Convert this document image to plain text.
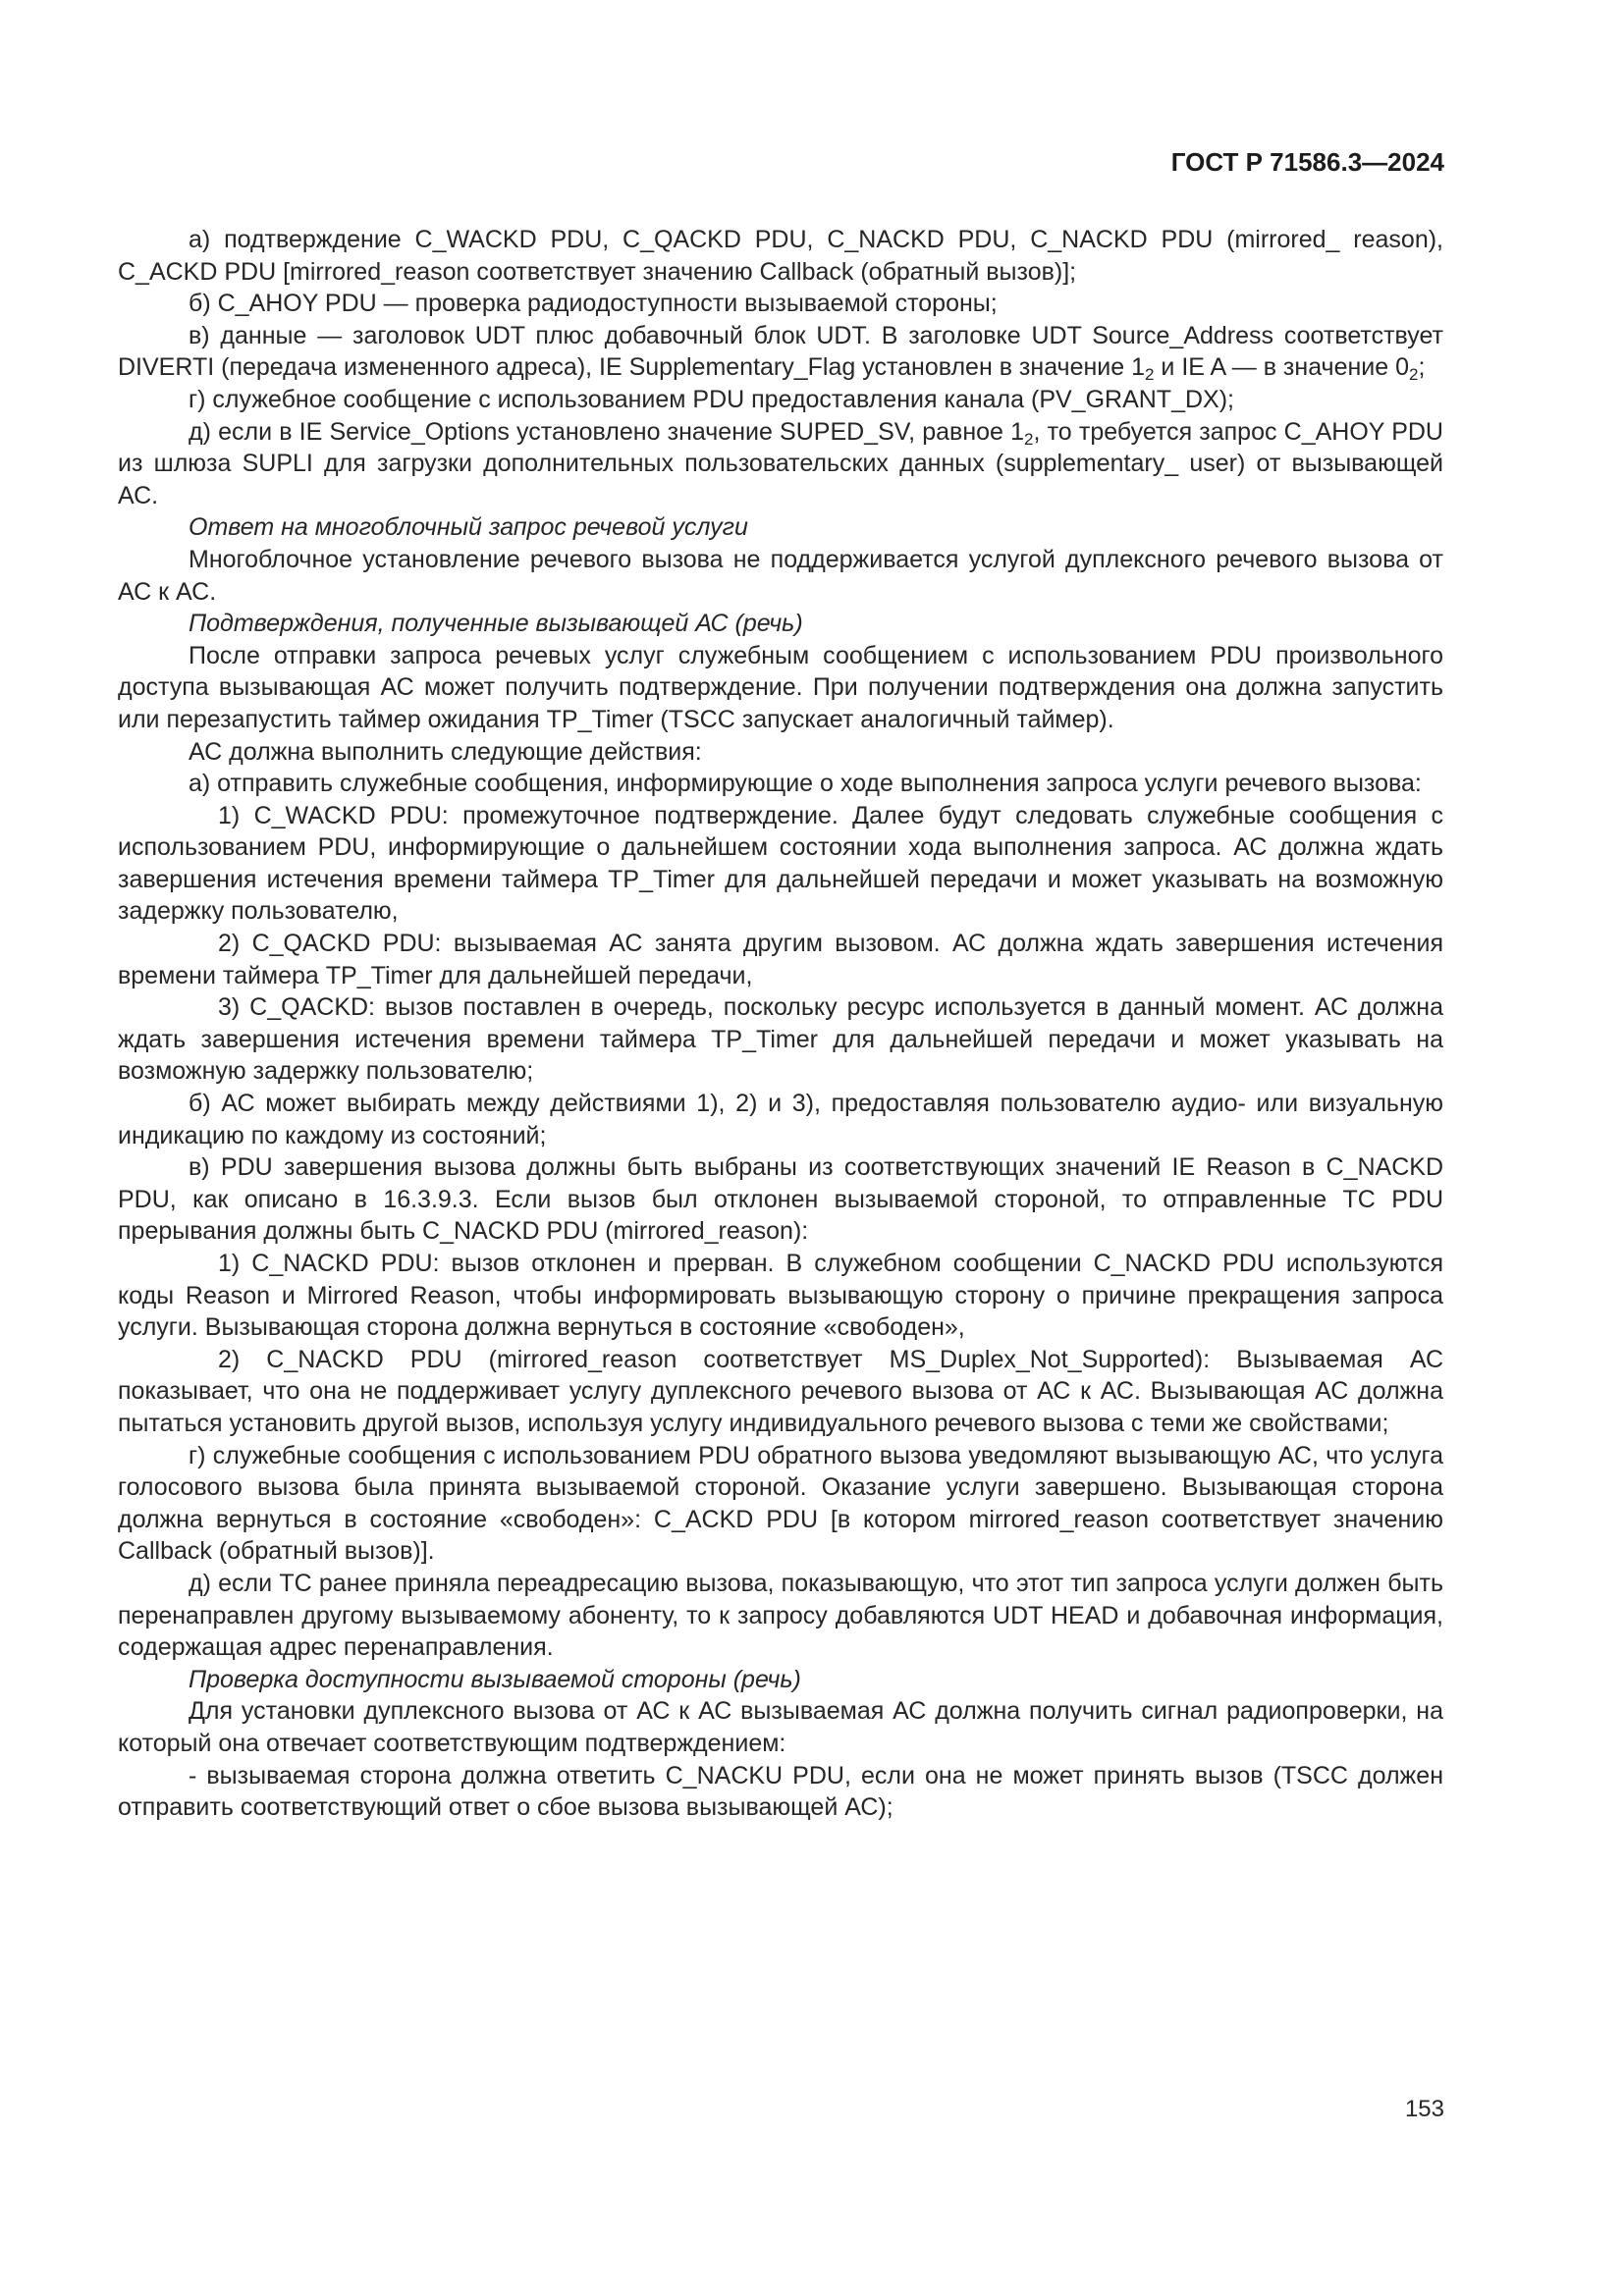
ГОСТ Р 71586.3—2024

а) подтверждение C_WACKD PDU, C_QACKD PDU, C_NACKD PDU, C_NACKD PDU (mirrored_ reason), C_ACKD PDU [mirrored_reason соответствует значению Callback (обратный вызов)];

б) C_AHOY PDU — проверка радиодоступности вызываемой стороны;

в) данные — заголовок UDT плюс добавочный блок UDT. В заголовке UDT Source_Address соответствует DIVERTI (передача измененного адреса), IE Supplementary_Flag установлен в значение $1_2$ и IE A — в значение $0_2$;

г) служебное сообщение с использованием PDU предоставления канала (PV_GRANT_DX);

д) если в IE Service_Options установлено значение SUPED_SV, равное $1_2$, то требуется запрос C_AHOY PDU из шлюза SUPLI для загрузки дополнительных пользовательских данных (supplementary_ user) от вызывающей АС.

Ответ на многоблочный запрос речевой услуги

Многоблочное установление речевого вызова не поддерживается услугой дуплексного речевого вызова от АС к АС.

Подтверждения, полученные вызывающей АС (речь)

После отправки запроса речевых услуг служебным сообщением с использованием PDU произвольного доступа вызывающая АС может получить подтверждение. При получении подтверждения она должна запустить или перезапустить таймер ожидания TP_Timer (TSCC запускает аналогичный таймер).

АС должна выполнить следующие действия:

а) отправить служебные сообщения, информирующие о ходе выполнения запроса услуги речевого вызова:

1) C_WACKD PDU: промежуточное подтверждение. Далее будут следовать служебные сообщения с использованием PDU, информирующие о дальнейшем состоянии хода выполнения запроса. АС должна ждать завершения истечения времени таймера TP_Timer для дальнейшей передачи и может указывать на возможную задержку пользователю,

2) C_QACKD PDU: вызываемая АС занята другим вызовом. АС должна ждать завершения истечения времени таймера TP_Timer для дальнейшей передачи,

3) C_QACKD: вызов поставлен в очередь, поскольку ресурс используется в данный момент. АС должна ждать завершения истечения времени таймера TP_Timer для дальнейшей передачи и может указывать на возможную задержку пользователю;

б) АС может выбирать между действиями 1), 2) и 3), предоставляя пользователю аудио- или визуальную индикацию по каждому из состояний;

в) PDU завершения вызова должны быть выбраны из соответствующих значений IE Reason в C_NACKD PDU, как описано в 16.3.9.3. Если вызов был отклонен вызываемой стороной, то отправленные ТС PDU прерывания должны быть C_NACKD PDU (mirrored_reason):

1) C_NACKD PDU: вызов отклонен и прерван. В служебном сообщении C_NACKD PDU используются коды Reason и Mirrored Reason, чтобы информировать вызывающую сторону о причине прекращения запроса услуги. Вызывающая сторона должна вернуться в состояние «свободен»,

2) C_NACKD PDU (mirrored_reason соответствует MS_Duplex_Not_Supported): Вызываемая АС показывает, что она не поддерживает услугу дуплексного речевого вызова от АС к АС. Вызывающая АС должна пытаться установить другой вызов, используя услугу индивидуального речевого вызова с теми же свойствами;

г) служебные сообщения с использованием PDU обратного вызова уведомляют вызывающую АС, что услуга голосового вызова была принята вызываемой стороной. Оказание услуги завершено. Вызывающая сторона должна вернуться в состояние «свободен»: C_ACKD PDU [в котором mirrored_reason соответствует значению Callback (обратный вызов)].

д) если ТС ранее приняла переадресацию вызова, показывающую, что этот тип запроса услуги должен быть перенаправлен другому вызываемому абоненту, то к запросу добавляются UDT HEAD и добавочная информация, содержащая адрес перенаправления.

Проверка доступности вызываемой стороны (речь)

Для установки дуплексного вызова от АС к АС вызываемая АС должна получить сигнал радиопроверки, на который она отвечает соответствующим подтверждением:

- вызываемая сторона должна ответить C_NACKU PDU, если она не может принять вызов (TSCC должен отправить соответствующий ответ о сбое вызова вызывающей АС);

153
